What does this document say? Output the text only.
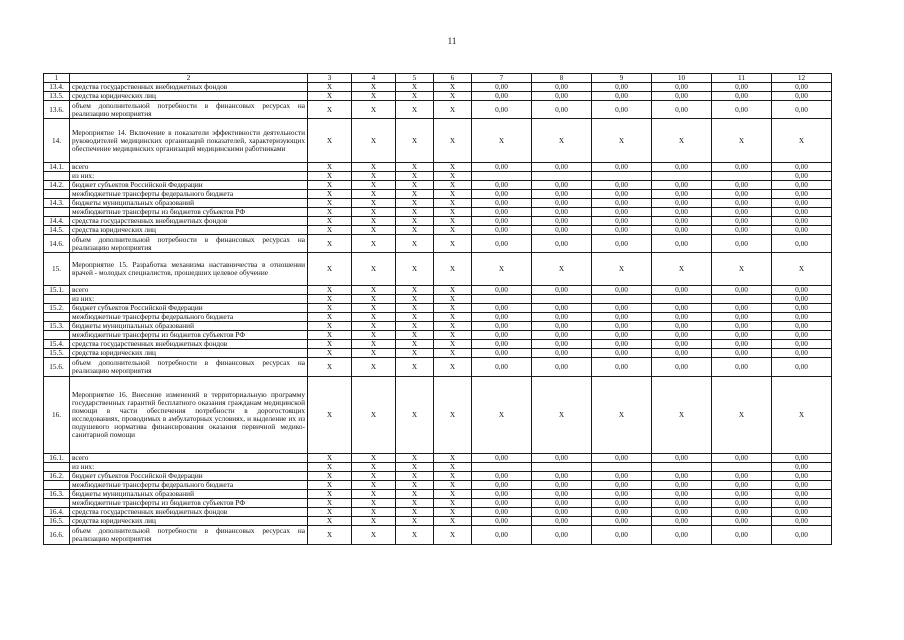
11
1	2	3	4	5	6	7	8	9	10	11	12
13.4.	средства государственных внебюджетных фондов	X	X	X	X	0,00	0,00	0,00	0,00	0,00	0,00
13.5.	средства юридических лиц	X	X	X	X	0,00	0,00	0,00	0,00	0,00	0,00
13.6.	объем дополнительной потребности в финансовых ресурсах на реализацию мероприятия	X	X	X	X	0,00	0,00	0,00	0,00	0,00	0,00
14.	Мероприятие 14. Включение в показатели эффективности деятельности руководителей медицинских организаций показателей, характеризующих обеспечение медицинских организаций медицинскими работниками	X	X	X	X	X	X	X	X	X	X
14.1.	всего	X	X	X	X	0,00	0,00	0,00	0,00	0,00	0,00
	из них:	X	X	X	X						0,00
14.2.	бюджет субъектов Российской Федерации	X	X	X	X	0,00	0,00	0,00	0,00	0,00	0,00
	межбюджетные трансферты федерального бюджета	X	X	X	X	0,00	0,00	0,00	0,00	0,00	0,00
14.3.	бюджеты муниципальных образований	X	X	X	X	0,00	0,00	0,00	0,00	0,00	0,00
	межбюджетные трансферты из бюджетов субъектов РФ	X	X	X	X	0,00	0,00	0,00	0,00	0,00	0,00
14.4.	средства государственных внебюджетных фондов	X	X	X	X	0,00	0,00	0,00	0,00	0,00	0,00
14.5.	средства юридических лиц	X	X	X	X	0,00	0,00	0,00	0,00	0,00	0,00
14.6.	объем дополнительной потребности в финансовых ресурсах на реализацию мероприятия	X	X	X	X	0,00	0,00	0,00	0,00	0,00	0,00
15.	Мероприятие 15. Разработка механизма наставничества в отношении врачей - молодых специалистов, прошедших целевое обучение	X	X	X	X	X	X	X	X	X	X
15.1.	всего	X	X	X	X	0,00	0,00	0,00	0,00	0,00	0,00
	из них:	X	X	X	X						0,00
15.2.	бюджет субъектов Российской Федерации	X	X	X	X	0,00	0,00	0,00	0,00	0,00	0,00
	межбюджетные трансферты федерального бюджета	X	X	X	X	0,00	0,00	0,00	0,00	0,00	0,00
15.3.	бюджеты муниципальных образований	X	X	X	X	0,00	0,00	0,00	0,00	0,00	0,00
	межбюджетные трансферты из бюджетов субъектов РФ	X	X	X	X	0,00	0,00	0,00	0,00	0,00	0,00
15.4.	средства государственных внебюджетных фондов	X	X	X	X	0,00	0,00	0,00	0,00	0,00	0,00
15.5.	средства юридических лиц	X	X	X	X	0,00	0,00	0,00	0,00	0,00	0,00
15.6.	объем дополнительной потребности в финансовых ресурсах на реализацию мероприятия	X	X	X	X	0,00	0,00	0,00	0,00	0,00	0,00
16.	Мероприятие 16. Внесение изменений в территориальную программу государственных гарантий бесплатного оказания гражданам медицинской помощи в части обеспечения потребности в дорогостоящих исследованиях, проводимых в амбулаторных условиях, и выделение их из подушевого норматива финансирования оказания первичной медико-санитарной помощи	X	X	X	X	X	X	X	X	X	X
16.1.	всего	X	X	X	X	0,00	0,00	0,00	0,00	0,00	0,00
	из них:	X	X	X	X						0,00
16.2.	бюджет субъектов Российской Федерации	X	X	X	X	0,00	0,00	0,00	0,00	0,00	0,00
	межбюджетные трансферты федерального бюджета	X	X	X	X	0,00	0,00	0,00	0,00	0,00	0,00
16.3.	бюджеты муниципальных образований	X	X	X	X	0,00	0,00	0,00	0,00	0,00	0,00
	межбюджетные трансферты из бюджетов субъектов РФ	X	X	X	X	0,00	0,00	0,00	0,00	0,00	0,00
16.4.	средства государственных внебюджетных фондов	X	X	X	X	0,00	0,00	0,00	0,00	0,00	0,00
16.5.	средства юридических лиц	X	X	X	X	0,00	0,00	0,00	0,00	0,00	0,00
16.6.	объем дополнительной потребности в финансовых ресурсах на реализацию мероприятия	X	X	X	X	0,00	0,00	0,00	0,00	0,00	0,00
